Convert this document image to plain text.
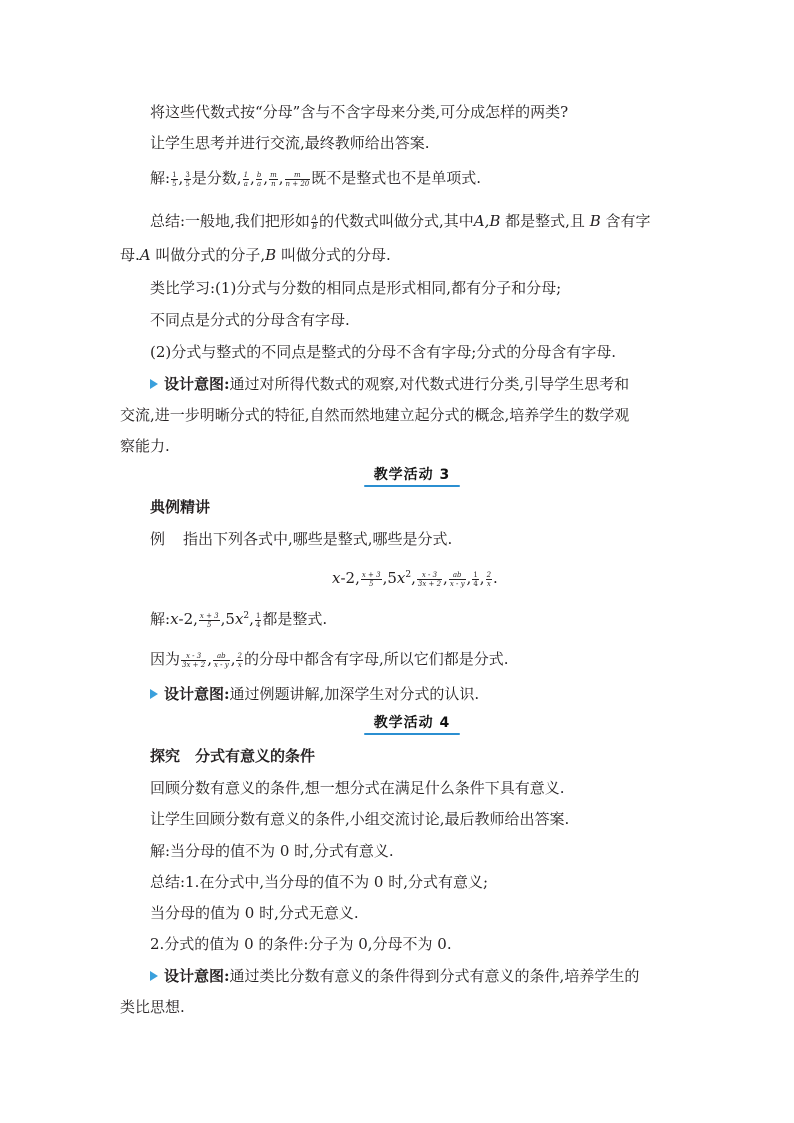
将这些代数式按“分母”含与不含字母来分类,可分成怎样的两类?
让学生思考并进行交流,最终教师给出答案.
解: $\frac{1}{5}$ , $\frac{3}{5}$ 是分数, $\frac{1}{a}$ , $\frac{b}{a}$ , $\frac{m}{n}$ , $\frac{m}{n + 20}$ 既不是整式也不是单项式.
总结:一般地,我们把形如 $\frac{A}{B}$ 的代数式叫做分式,其中A,B 都是整式,且 B 含有字
母.A 叫做分式的分子,B 叫做分式的分母.
类比学习:(1)分式与分数的相同点是形式相同,都有分子和分母;
不同点是分式的分母含有字母.
(2)分式与整式的不同点是整式的分母不含有字母;分式的分母含有字母.
设计意图:通过对所得代数式的观察,对代数式进行分类,引导学生思考和
交流,进一步明晰分式的特征,自然而然地建立起分式的概念,培养学生的数学观
察能力.
教学活动 3
典例精讲
例 指出下列各式中,哪些是整式,哪些是分式.
x-2, $\frac{x + 3}{5} ,5x^2$, $\frac{x - 3}{3x + 2}$ , $\frac{ab}{x - y}$ , $\frac{1}{4}$ , $\frac{2}{x}$ .
解:x-2, $\frac{x + 3}{5} ,5x^2$, $\frac{1}{4}$ 都是整式.
因为 $\frac{x - 3}{3x + 2}$ , $\frac{ab}{x - y}$ , $\frac{2}{x}$ 的分母中都含有字母,所以它们都是分式.
设计意图:通过例题讲解,加深学生对分式的认识.
教学活动 4
探究　分式有意义的条件
回顾分数有意义的条件,想一想分式在满足什么条件下具有意义.
让学生回顾分数有意义的条件,小组交流讨论,最后教师给出答案.
解:当分母的值不为 0 时,分式有意义.
总结:1.在分式中,当分母的值不为 0 时,分式有意义;
当分母的值为 0 时,分式无意义.
2.分式的值为 0 的条件:分子为 0,分母不为 0.
设计意图:通过类比分数有意义的条件得到分式有意义的条件,培养学生的
类比思想.
